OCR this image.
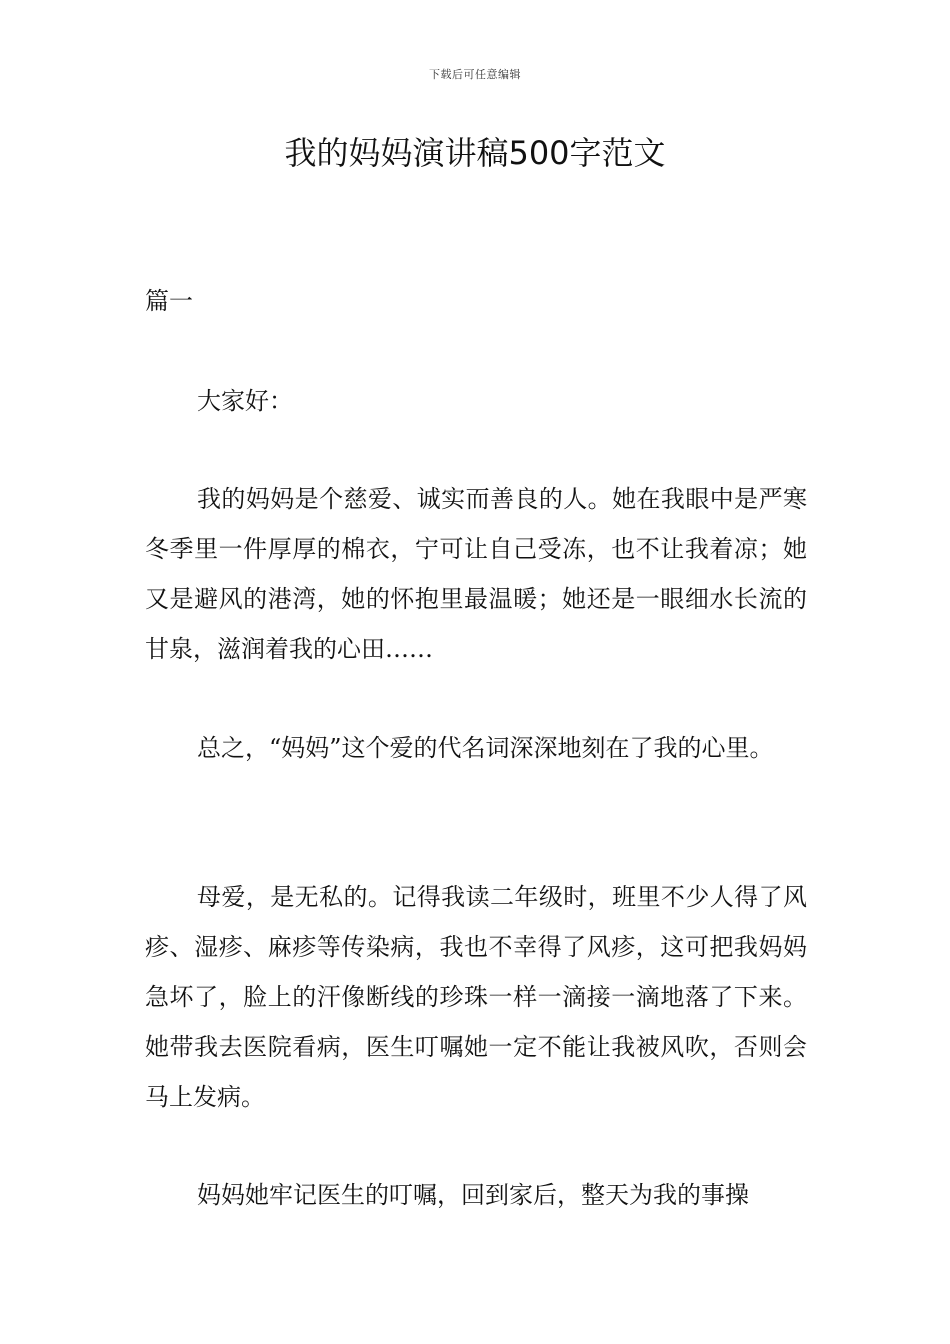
下载后可任意编辑
我的妈妈演讲稿500字范文

篇一

大家好：

我的妈妈是个慈爱、诚实而善良的人。她在我眼中是严寒冬季里一件厚厚的棉衣，宁可让自己受冻，也不让我着凉；她又是避风的港湾，她的怀抱里最温暖；她还是一眼细水长流的甘泉，滋润着我的心田……

总之，“妈妈”这个爱的代名词深深地刻在了我的心里。

母爱，是无私的。记得我读二年级时，班里不少人得了风疹、湿疹、麻疹等传染病，我也不幸得了风疹，这可把我妈妈急坏了，脸上的汗像断线的珍珠一样一滴接一滴地落了下来。她带我去医院看病，医生叮嘱她一定不能让我被风吹，否则会马上发病。

妈妈她牢记医生的叮嘱，回到家后，整天为我的事操
